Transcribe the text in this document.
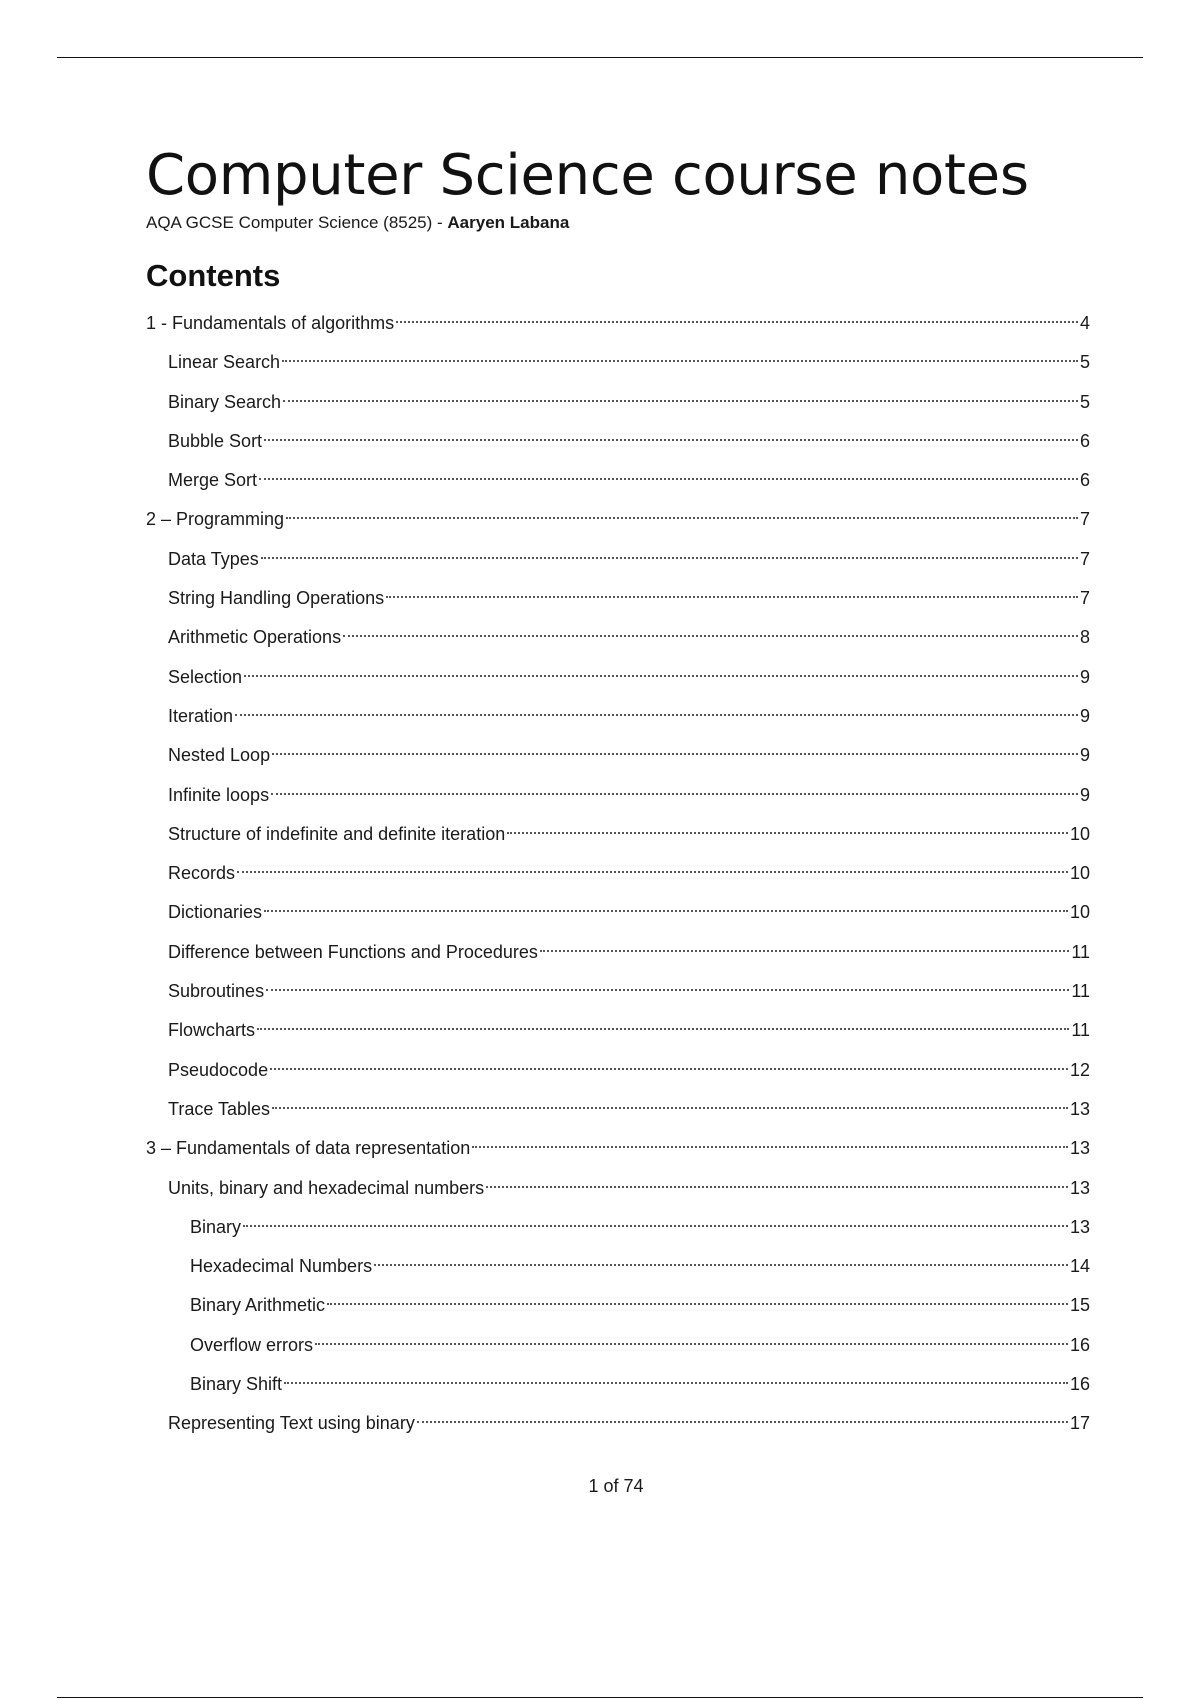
Computer Science course notes

AQA GCSE Computer Science (8525) - Aaryen Labana

Contents
1 - Fundamentals of algorithms	4
Linear Search	5
Binary Search	5
Bubble Sort	6
Merge Sort	6
2 – Programming	7
Data Types	7
String Handling Operations	7
Arithmetic Operations	8
Selection	9
Iteration	9
Nested Loop	9
Infinite loops	9
Structure of indefinite and definite iteration	10
Records	10
Dictionaries	10
Difference between Functions and Procedures	11
Subroutines	11
Flowcharts	11
Pseudocode	12
Trace Tables	13
3 – Fundamentals of data representation	13
Units, binary and hexadecimal numbers	13
Binary	13
Hexadecimal Numbers	14
Binary Arithmetic	15
Overflow errors	16
Binary Shift	16
Representing Text using binary	17
1 of 74
